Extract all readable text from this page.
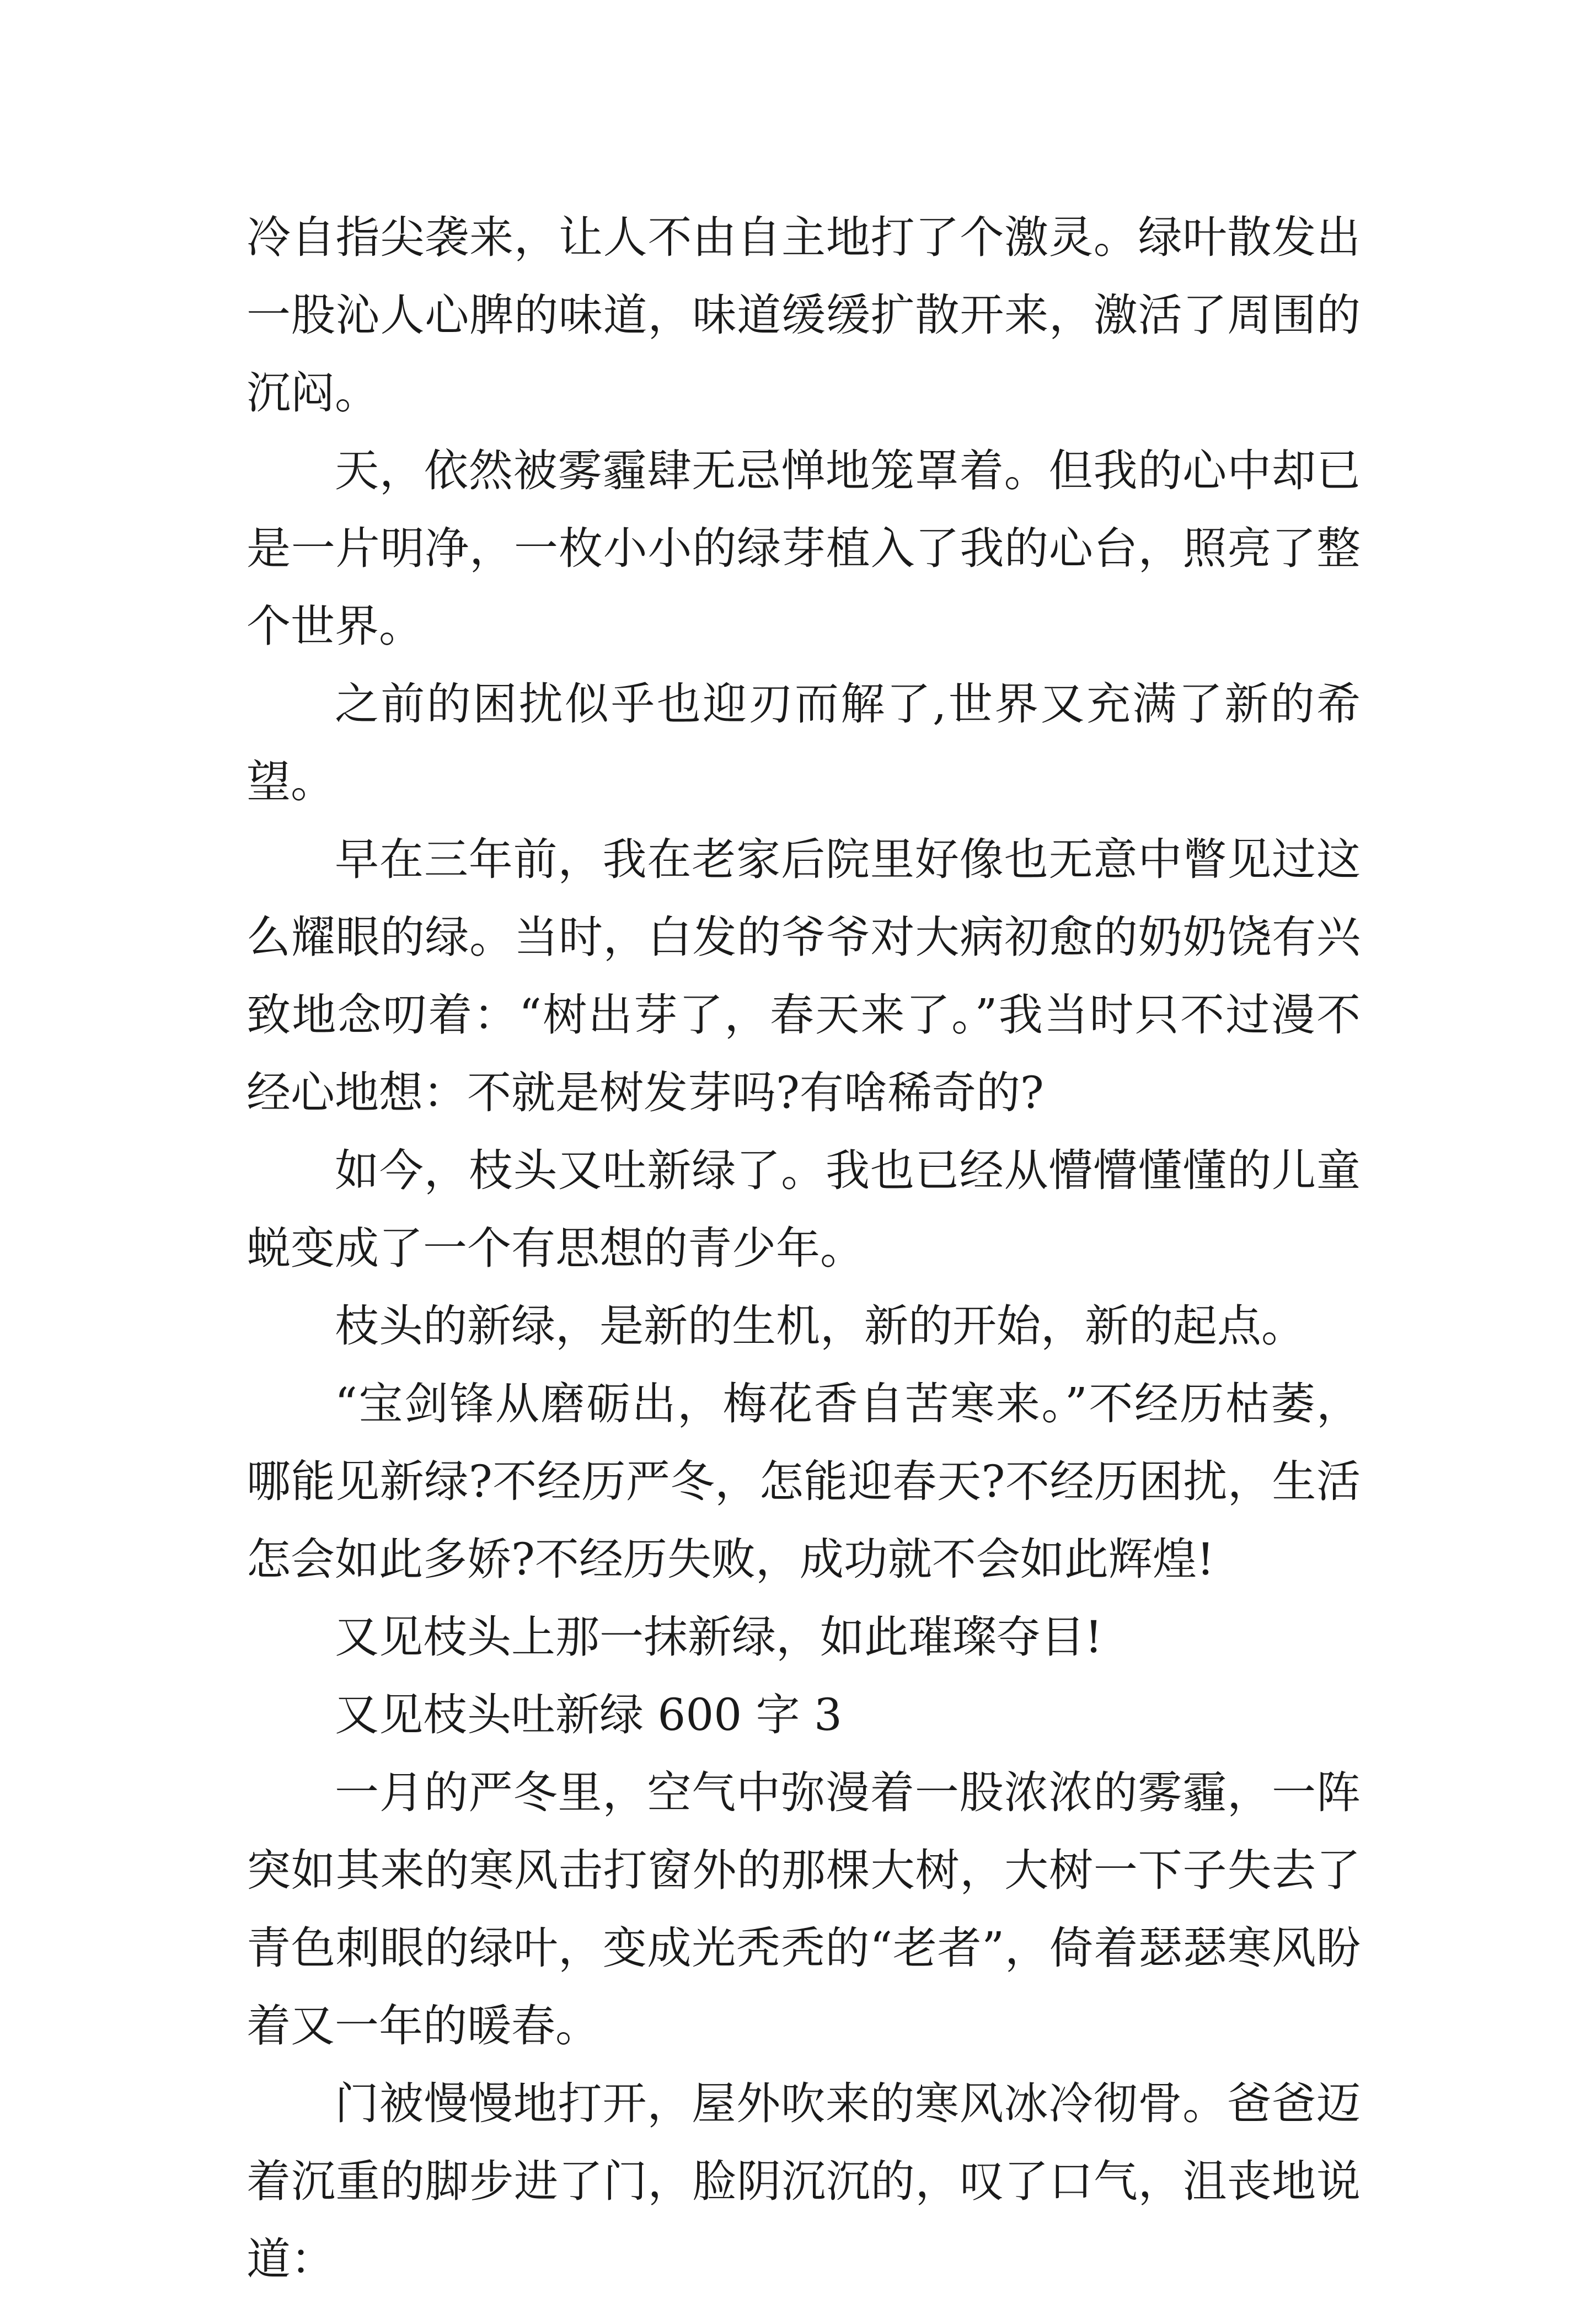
冷自指尖袭来，让人不由自主地打了个激灵。绿叶散发出一股沁人心脾的味道，味道缓缓扩散开来，激活了周围的沉闷。

天，依然被雾霾肆无忌惮地笼罩着。但我的心中却已是一片明净，一枚小小的绿芽植入了我的心台，照亮了整个世界。

之前的困扰似乎也迎刃而解了,世界又充满了新的希望。

早在三年前，我在老家后院里好像也无意中瞥见过这么耀眼的绿。当时，白发的爷爷对大病初愈的奶奶饶有兴致地念叨着：“树出芽了，春天来了。”我当时只不过漫不经心地想：不就是树发芽吗?有啥稀奇的?

如今，枝头又吐新绿了。我也已经从懵懵懂懂的儿童蜕变成了一个有思想的青少年。

枝头的新绿，是新的生机，新的开始，新的起点。

“宝剑锋从磨砺出，梅花香自苦寒来。”不经历枯萎，哪能见新绿?不经历严冬，怎能迎春天?不经历困扰，生活怎会如此多娇?不经历失败，成功就不会如此辉煌!

又见枝头上那一抹新绿，如此璀璨夺目!

又见枝头吐新绿 600 字 3

一月的严冬里，空气中弥漫着一股浓浓的雾霾，一阵突如其来的寒风击打窗外的那棵大树，大树一下子失去了青色刺眼的绿叶，变成光秃秃的“老者”，倚着瑟瑟寒风盼着又一年的暖春。

门被慢慢地打开，屋外吹来的寒风冰冷彻骨。爸爸迈着沉重的脚步进了门，脸阴沉沉的，叹了口气，沮丧地说道：
